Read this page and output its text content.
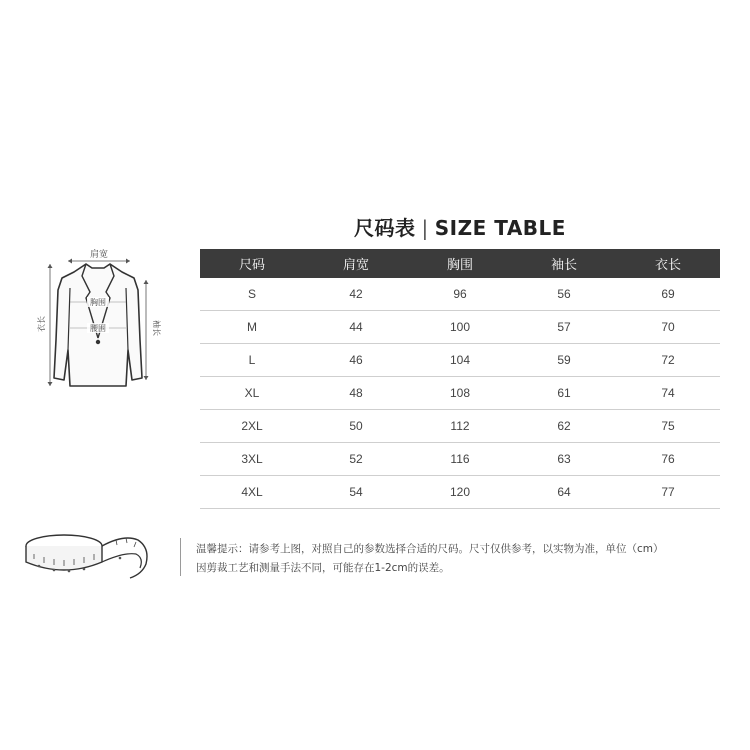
尺码表 | SIZE TABLE
尺码	肩宽	胸围	袖长	衣长
S	42	96	56	69
M	44	100	57	70
L	46	104	59	72
XL	48	108	61	74
2XL	50	112	62	75
3XL	52	116	63	76
4XL	54	120	64	77
肩宽
胸围
腰围
衣长	袖长

温馨提示：请参考上图，对照自己的参数选择合适的尺码。尺寸仅供参考，以实物为准，单位（cm）

因剪裁工艺和测量手法不同，可能存在1-2cm的误差。
